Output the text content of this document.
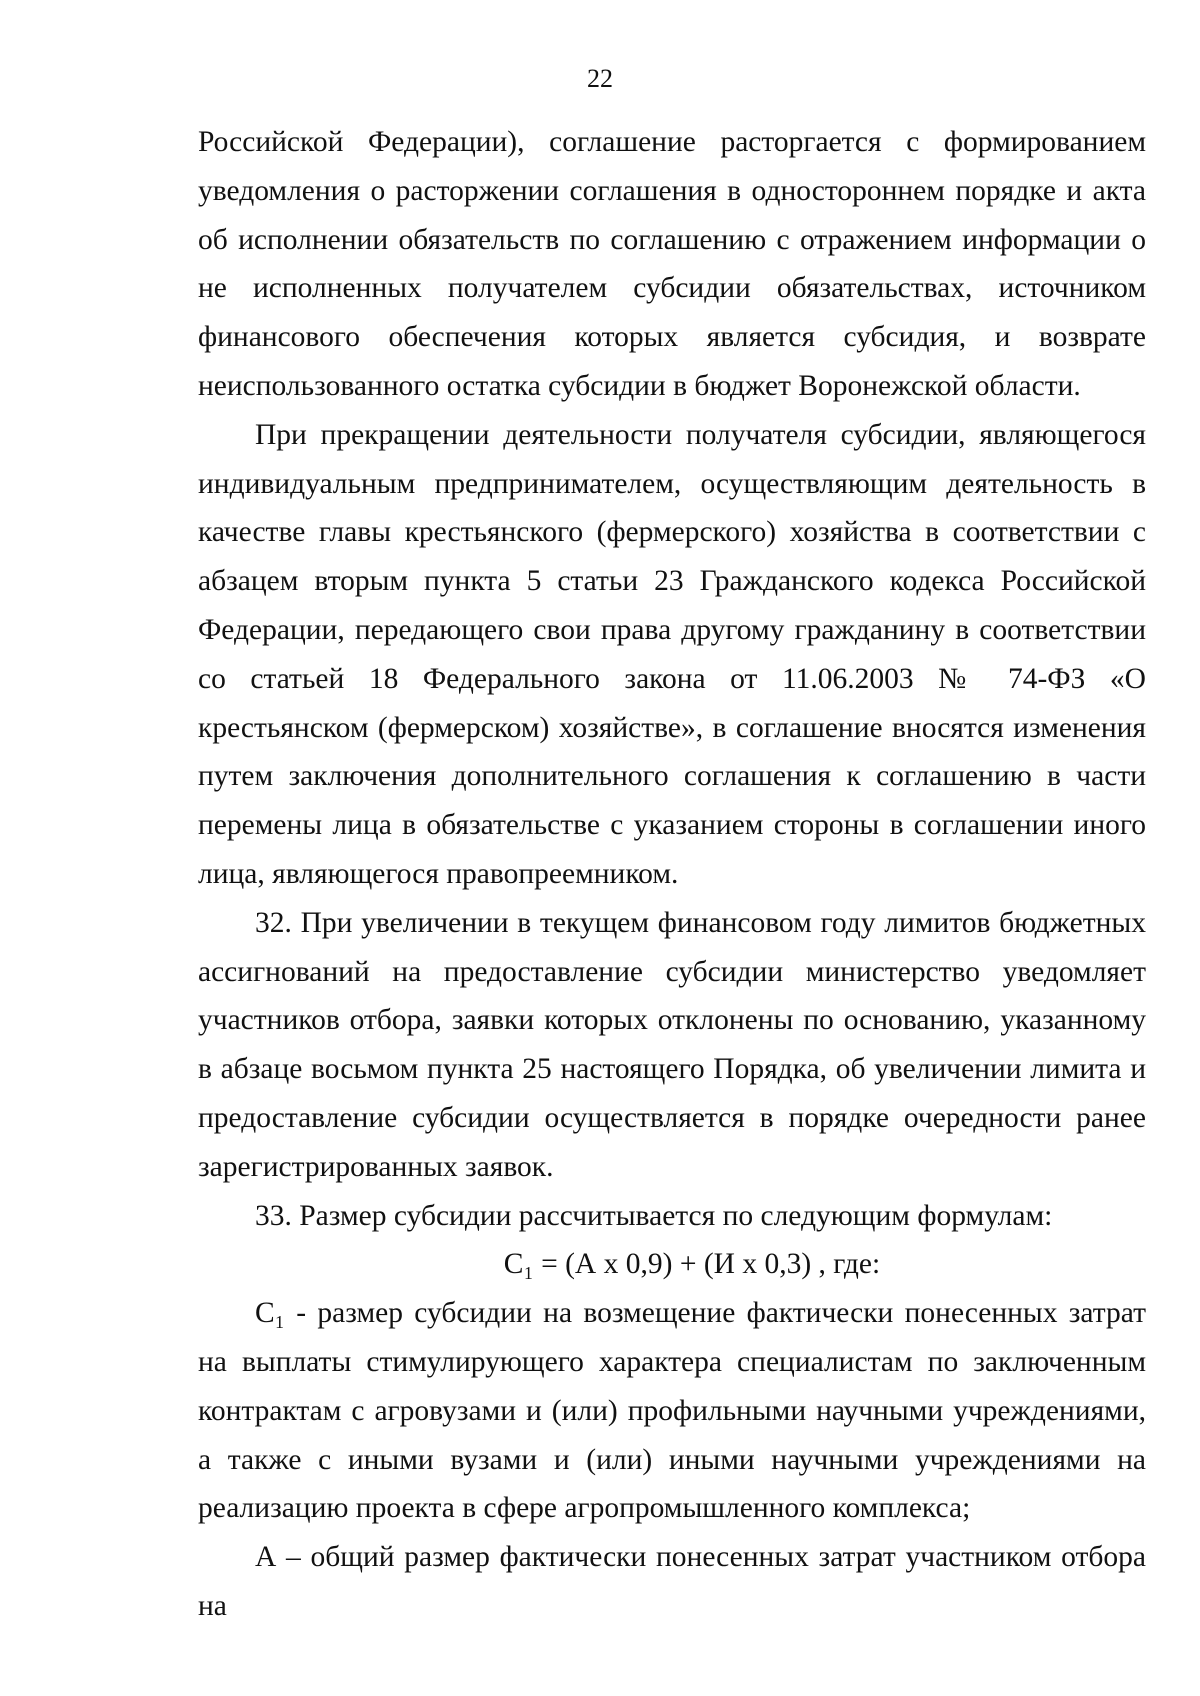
22

Российской Федерации), соглашение расторгается с формированием уведомления о расторжении соглашения в одностороннем порядке и акта об исполнении обязательств по соглашению с отражением информации о не исполненных получателем субсидии обязательствах, источником финансового обеспечения которых является субсидия, и возврате неиспользованного остатка субсидии в бюджет Воронежской области.

При прекращении деятельности получателя субсидии, являющегося индивидуальным предпринимателем, осуществляющим деятельность в качестве главы крестьянского (фермерского) хозяйства в соответствии с абзацем вторым пункта 5 статьи 23 Гражданского кодекса Российской Федерации, передающего свои права другому гражданину в соответствии со статьей 18 Федерального закона от 11.06.2003 № 74-ФЗ «О крестьянском (фермерском) хозяйстве», в соглашение вносятся изменения путем заключения дополнительного соглашения к соглашению в части перемены лица в обязательстве с указанием стороны в соглашении иного лица, являющегося правопреемником.

32. При увеличении в текущем финансовом году лимитов бюджетных ассигнований на предоставление субсидии министерство уведомляет участников отбора, заявки которых отклонены по основанию, указанному в абзаце восьмом пункта 25 настоящего Порядка, об увеличении лимита и предоставление субсидии осуществляется в порядке очередности ранее зарегистрированных заявок.

33. Размер субсидии рассчитывается по следующим формулам:

C₁ = (А х 0,9) + (И х 0,3) , где:

C₁ - размер субсидии на возмещение фактически понесенных затрат на выплаты стимулирующего характера специалистам по заключенным контрактам с агровузами и (или) профильными научными учреждениями, а также с иными вузами и (или) иными научными учреждениями на реализацию проекта в сфере агропромышленного комплекса;

А – общий размер фактически понесенных затрат участником отбора на
